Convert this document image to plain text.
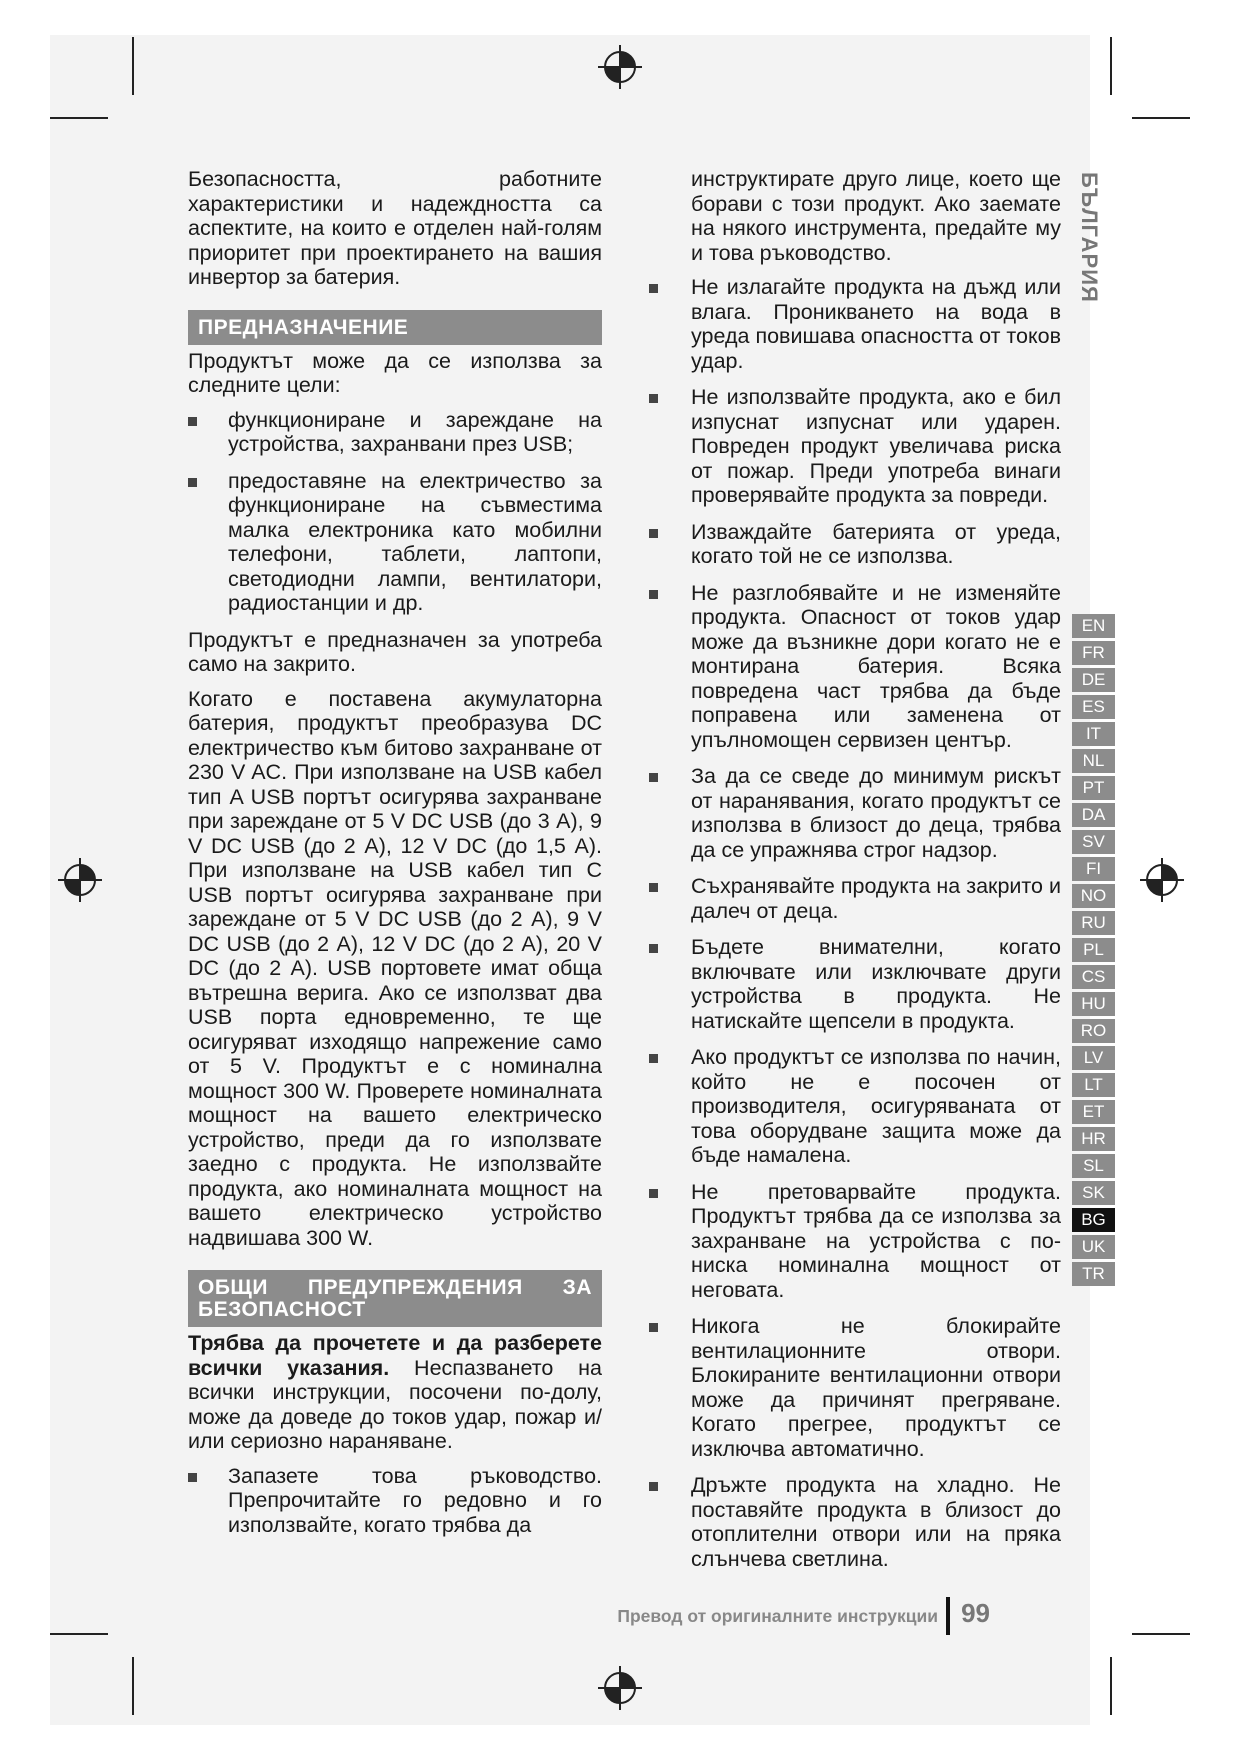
Безопасността, работните характеристики и надеждността са аспектите, на които е отделен най-голям приоритет при проектирането на вашия инвертор за батерия.

ПРЕДНАЗНАЧЕНИЕ

Продуктът може да се използва за следните цели:

функциониране и зареждане на устройства, захранвани през USB;
предоставяне на електричество за функциониране на съвместима малка електроника като мобилни телефони, таблети, лаптопи, светодиодни лампи, вентилатори, радиостанции и др.

Продуктът е предназначен за употреба само на закрито.

Когато е поставена акумулаторна батерия, продуктът преобразува DC електричество към битово захранване от 230 V AC. При използване на USB кабел тип A USB портът осигурява захранване при зареждане от 5 V DC USB (до 3 A), 9 V DC USB (до 2 A), 12 V DC (до 1,5 A). При използване на USB кабел тип C USB портът осигурява захранване при зареждане от 5 V DC USB (до 2 A), 9 V DC USB (до 2 A), 12 V DC (до 2 A), 20 V DC (до 2 A). USB портовете имат обща вътрешна верига. Ако се използват два USB порта едновременно, те ще осигуряват изходящо напрежение само от 5 V. Продуктът е с номинална мощност 300 W. Проверете номиналната мощност на вашето електрическо устройство, преди да го използвате заедно с продукта. Не използвайте продукта, ако номиналната мощност на вашето електрическо устройство надвишава 300 W.

ОБЩИ ПРЕДУПРЕЖДЕНИЯ ЗА БЕЗОПАСНОСТ

Трябва да прочетете и да разберете всички указания. Неспазването на всички инструкции, посочени по-долу, може да доведе до токов удар, пожар и/или сериозно нараняване.

Запазете това ръководство. Препрочитайте го редовно и го използвайте, когато трябва да

инструктирате друго лице, което ще борави с този продукт. Ако заемате на някого инструмента, предайте му и това ръководство.

Не излагайте продукта на дъжд или влага. Проникването на вода в уреда повишава опасността от токов удар.
Не използвайте продукта, ако е бил изпуснат изпуснат или ударен. Повреден продукт увеличава риска от пожар. Преди употреба винаги проверявайте продукта за повреди.
Изваждайте батерията от уреда, когато той не се използва.
Не разглобявайте и не изменяйте продукта. Опасност от токов удар може да възникне дори когато не е монтирана батерия. Всяка повредена част трябва да бъде поправена или заменена от упълномощен сервизен център.
За да се сведе до минимум рискът от наранявания, когато продуктът се използва в близост до деца, трябва да се упражнява строг надзор.
Съхранявайте продукта на закрито и далеч от деца.
Бъдете внимателни, когато включвате или изключвате други устройства в продукта. Не натискайте щепсели в продукта.
Ако продуктът се използва по начин, който не е посочен от производителя, осигуряваната от това оборудване защита може да бъде намалена.
Не претоварвайте продукта. Продуктът трябва да се използва за захранване на устройства с по-ниска номинална мощност от неговата.
Никога не блокирайте вентилационните отвори. Блокираните вентилационни отвори може да причинят прегряване. Когато прегрее, продуктът се изключва автоматично.
Дръжте продукта на хладно. Не поставяйте продукта в близост до отоплителни отвори или на пряка слънчева светлина.
БЪЛГАРИЯ
EN
FR
DE
ES
IT
NL
PT
DA
SV
FI
NO
RU
PL
CS
HU
RO
LV
LT
ET
HR
SL
SK
BG
UK
TR
Превод от оригиналните инструкции 99
